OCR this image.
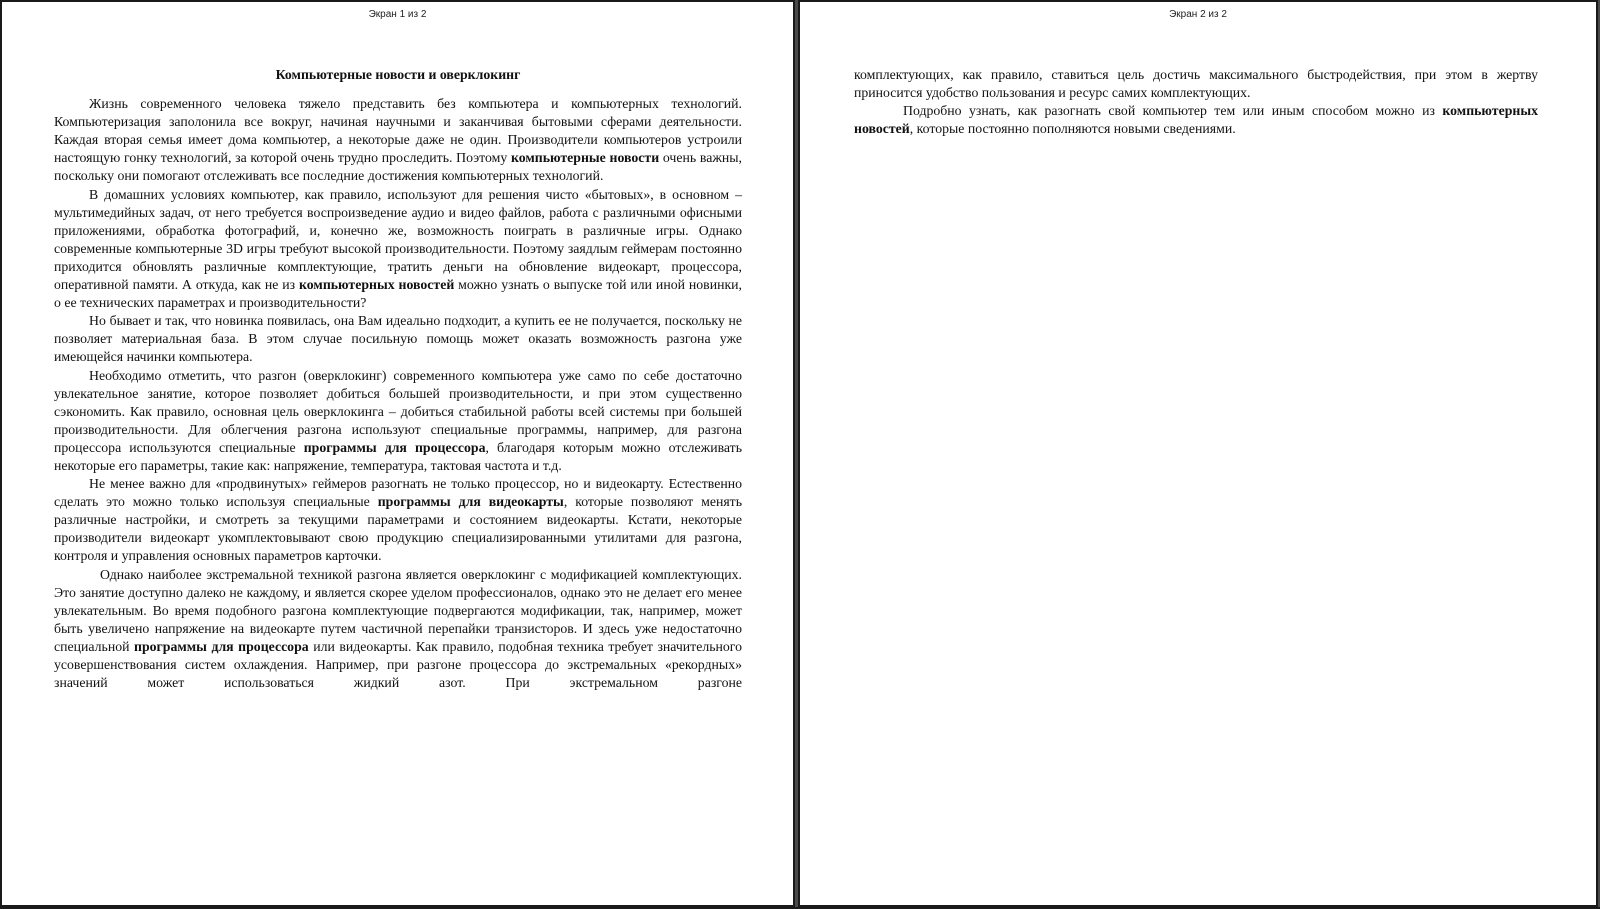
Экран 1 из 2
Компьютерные новости и оверклокинг

Жизнь современного человека тяжело представить без компьютера и компьютерных технологий. Компьютеризация заполонила все вокруг, начиная научными и заканчивая бытовыми сферами деятельности. Каждая вторая семья имеет дома компьютер, а некоторые даже не один. Производители компьютеров устроили настоящую гонку технологий, за которой очень трудно проследить. Поэтому компьютерные новости очень важны, поскольку они помогают отслеживать все последние достижения компьютерных технологий.

В домашних условиях компьютер, как правило, используют для решения чисто «бытовых», в основном – мультимедийных задач, от него требуется воспроизведение аудио и видео файлов, работа с различными офисными приложениями, обработка фотографий, и, конечно же, возможность поиграть в различные игры. Однако современные компьютерные 3D игры требуют высокой производительности. Поэтому заядлым геймерам постоянно приходится обновлять различные комплектующие, тратить деньги на обновление видеокарт, процессора, оперативной памяти. А откуда, как не из компьютерных новостей можно узнать о выпуске той или иной новинки, о ее технических параметрах и производительности?

Но бывает и так, что новинка появилась, она Вам идеально подходит, а купить ее не получается, поскольку не позволяет материальная база. В этом случае посильную помощь может оказать возможность разгона уже имеющейся начинки компьютера.

Необходимо отметить, что разгон (оверклокинг) современного компьютера уже само по себе достаточно увлекательное занятие, которое позволяет добиться большей производительности, и при этом существенно сэкономить. Как правило, основная цель оверклокинга – добиться стабильной работы всей системы при большей производительности. Для облегчения разгона используют специальные программы, например, для разгона процессора используются специальные программы для процессора, благодаря которым можно отслеживать некоторые его параметры, такие как: напряжение, температура, тактовая частота и т.д.

Не менее важно для «продвинутых» геймеров разогнать не только процессор, но и видеокарту. Естественно сделать это можно только используя специальные программы для видеокарты, которые позволяют менять различные настройки, и смотреть за текущими параметрами и состоянием видеокарты. Кстати, некоторые производители видеокарт укомплектовывают свою продукцию специализированными утилитами для разгона, контроля и управления основных параметров карточки.

Однако наиболее экстремальной техникой разгона является оверклокинг с модификацией комплектующих. Это занятие доступно далеко не каждому, и является скорее уделом профессионалов, однако это не делает его менее увлекательным. Во время подобного разгона комплектующие подвергаются модификации, так, например, может быть увеличено напряжение на видеокарте путем частичной перепайки транзисторов. И здесь уже недостаточно специальной программы для процессора или видеокарты. Как правило, подобная техника требует значительного усовершенствования систем охлаждения. Например, при разгоне процессора до экстремальных «рекордных» значений может использоваться жидкий азот. При экстремальном разгоне

Экран 2 из 2

комплектующих, как правило, ставиться цель достичь максимального быстродействия, при этом в жертву приносится удобство пользования и ресурс самих комплектующих.

Подробно узнать, как разогнать свой компьютер тем или иным способом можно из компьютерных новостей, которые постоянно пополняются новыми сведениями.
